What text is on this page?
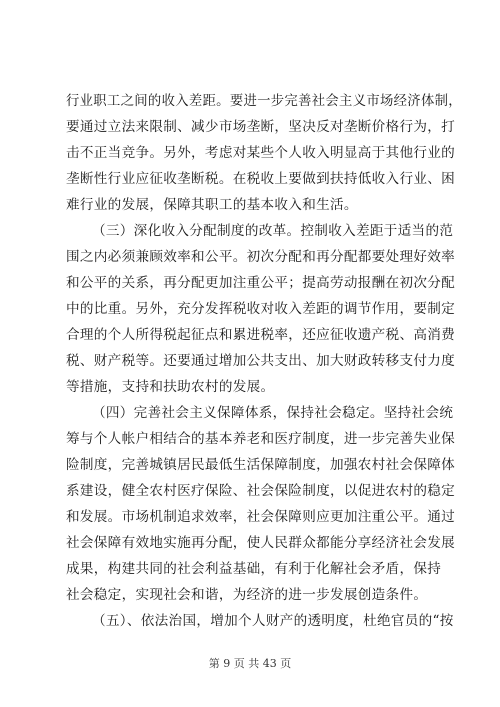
行业职工之间的收入差距。要进一步完善社会主义市场经济体制，
要通过立法来限制、减少市场垄断，坚决反对垄断价格行为，打
击不正当竞争。另外，考虑对某些个人收入明显高于其他行业的
垄断性行业应征收垄断税。在税收上要做到扶持低收入行业、困
难行业的发展，保障其职工的基本收入和生活。
（三）深化收入分配制度的改革。控制收入差距于适当的范
围之内必须兼顾效率和公平。初次分配和再分配都要处理好效率
和公平的关系，再分配更加注重公平；提高劳动报酬在初次分配
中的比重。另外，充分发挥税收对收入差距的调节作用，要制定
合理的个人所得税起征点和累进税率，还应征收遗产税、高消费
税、财产税等。还要通过增加公共支出、加大财政转移支付力度
等措施，支持和扶助农村的发展。
（四）完善社会主义保障体系，保持社会稳定。坚持社会统
筹与个人帐户相结合的基本养老和医疗制度，进一步完善失业保
险制度，完善城镇居民最低生活保障制度，加强农村社会保障体
系建设，健全农村医疗保险、社会保险制度，以促进农村的稳定
和发展。市场机制追求效率，社会保障则应更加注重公平。通过
社会保障有效地实施再分配，使人民群众都能分享经济社会发展
成果，构建共同的社会利益基础，有利于化解社会矛盾，保持
社会稳定，实现社会和谐，为经济的进一步发展创造条件。
（五）、依法治国，增加个人财产的透明度，杜绝官员的“按
第 9 页 共 43 页
